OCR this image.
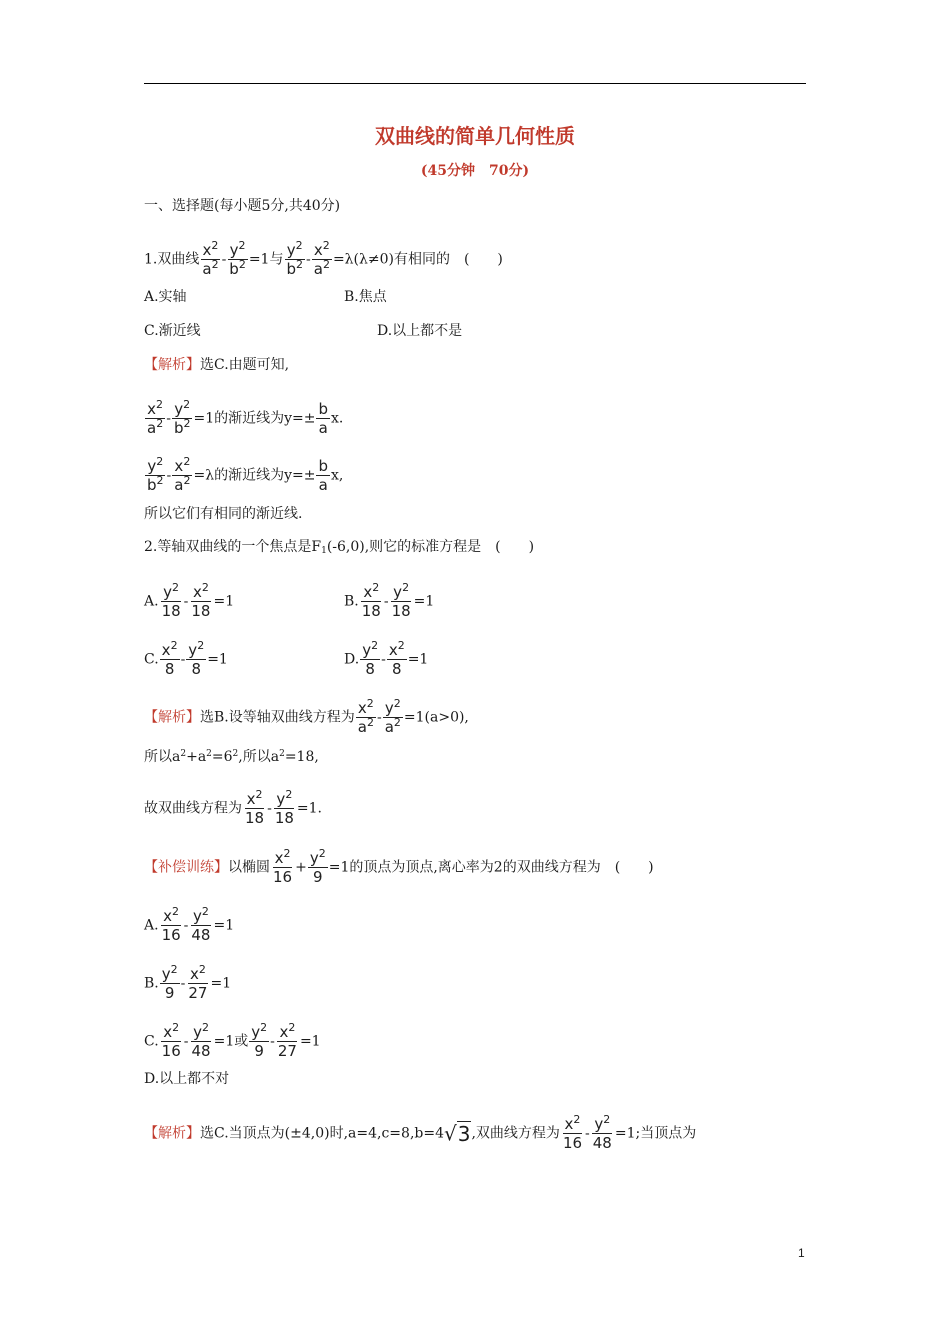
双曲线的简单几何性质
(45分钟　70分)
一、选择题(每小题5分,共40分)
1.双曲线 $\frac{x^2}{a^2} - \frac{y^2}{b^2} =1$与 $\frac{y^2}{b^2} - \frac{x^2}{a^2} =\lambda(\lambda\ne 0)$有相同的　(　　)
A.实轴	B.焦点
C.渐近线	D.以上都不是
【解析】选C.由题可知,
$\frac{x^2}{a^2} - \frac{y^2}{b^2} =1$的渐近线为$y=\pm \frac{b}{a} x$.
$\frac{y^2}{b^2} - \frac{x^2}{a^2} =\lambda$的渐近线为$y=\pm \frac{b}{a} x$,
所以它们有相同的渐近线.
2.等轴双曲线的一个焦点是$F_1(-6,0)$,则它的标准方程是　(　　)
A. $\frac{y^2}{18} - \frac{x^2}{18} =1$	B. $\frac{x^2}{18} - \frac{y^2}{18} =1$
C. $\frac{x^2}{8} - \frac{y^2}{8} =1$	D. $\frac{y^2}{8} - \frac{x^2}{8} =1$
【解析】选B.设等轴双曲线方程为 $\frac{x^2}{a^2} - \frac{y^2}{a^2} =1(a>0)$,
所以$a^2+a^2=6^2$,所以$a^2=18$,
故双曲线方程为 $\frac{x^2}{18} - \frac{y^2}{18} =1$.
【补偿训练】以椭圆 $\frac{x^2}{16} + \frac{y^2}{9} =1$的顶点为顶点,离心率为2的双曲线方程为　(　　)
A. $\frac{x^2}{16} - \frac{y^2}{48} =1$
B. $\frac{y^2}{9} - \frac{x^2}{27} =1$
C. $\frac{x^2}{16} - \frac{y^2}{48} =1$或 $\frac{y^2}{9} - \frac{x^2}{27} =1$
D.以上都不对
【解析】选C.当顶点为(±4,0)时,a=4,c=8,b=4√3,双曲线方程为 $\frac{x^2}{16} - \frac{y^2}{48} =1$;当顶点为
1
